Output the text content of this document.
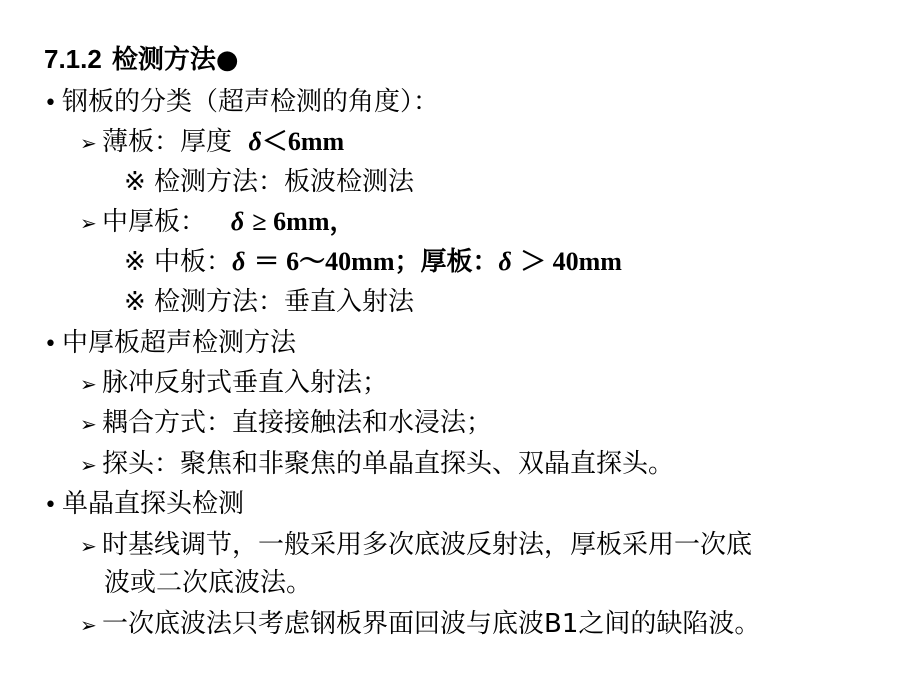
7.1.2 检测方法●
• 钢板的分类（超声检测的角度）：
➢ 薄板：厚度 δ＜6mm
※ 检测方法：板波检测法
➢ 中厚板： δ ≥ 6mm，
※ 中板：δ ＝ 6～40mm；厚板：δ ＞ 40mm
※ 检测方法：垂直入射法
• 中厚板超声检测方法
➢ 脉冲反射式垂直入射法；
➢ 耦合方式：直接接触法和水浸法；
➢ 探头：聚焦和非聚焦的单晶直探头、双晶直探头。
• 单晶直探头检测
➢ 时基线调节，一般采用多次底波反射法，厚板采用一次底
波或二次底波法。
➢ 一次底波法只考虑钢板界面回波与底波B1之间的缺陷波。
